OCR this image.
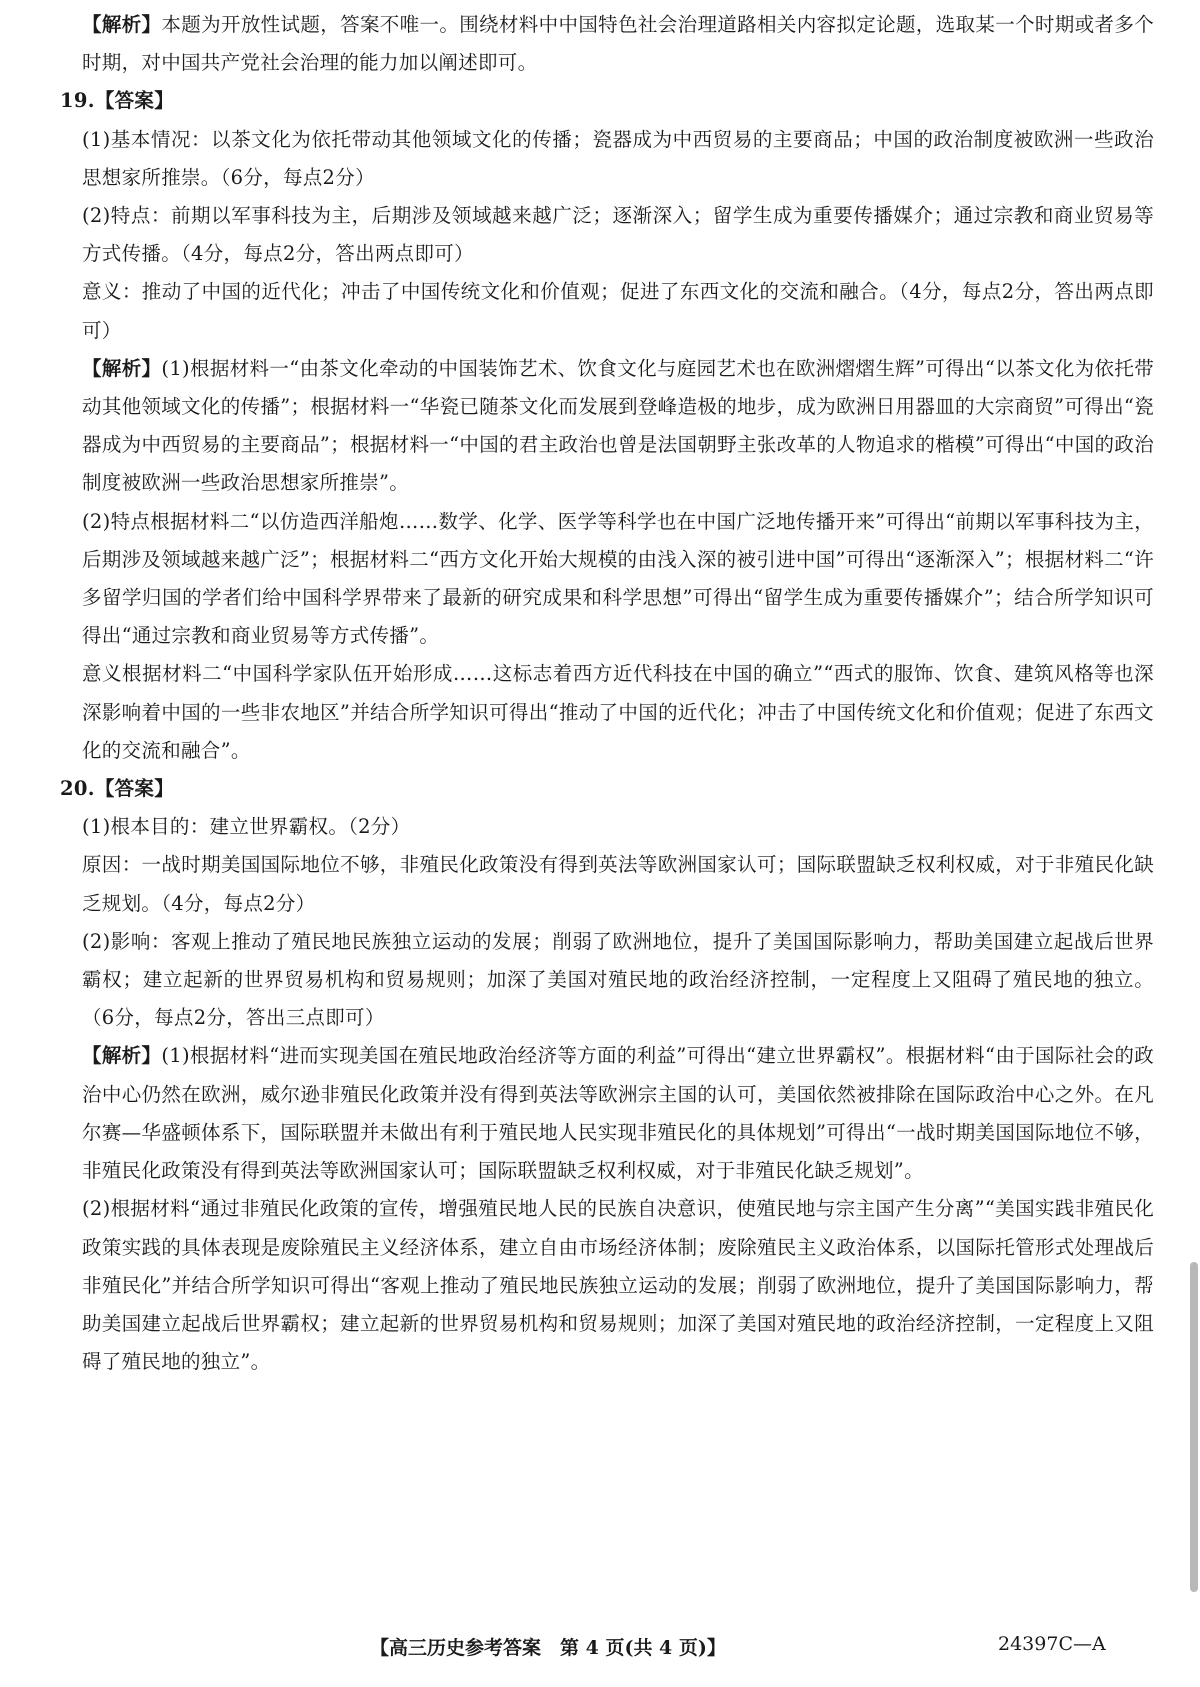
【解析】本题为开放性试题，答案不唯一。围绕材料中中国特色社会治理道路相关内容拟定论题，选取某一个时期或者多个时期，对中国共产党社会治理的能力加以阐述即可。

19.【答案】

(1)基本情况：以茶文化为依托带动其他领域文化的传播；瓷器成为中西贸易的主要商品；中国的政治制度被欧洲一些政治思想家所推崇。（6分，每点2分）

(2)特点：前期以军事科技为主，后期涉及领域越来越广泛；逐渐深入；留学生成为重要传播媒介；通过宗教和商业贸易等方式传播。（4分，每点2分，答出两点即可）

意义：推动了中国的近代化；冲击了中国传统文化和价值观；促进了东西文化的交流和融合。（4分，每点2分，答出两点即可）

【解析】(1)根据材料一“由茶文化牵动的中国装饰艺术、饮食文化与庭园艺术也在欧洲熠熠生辉”可得出“以茶文化为依托带动其他领域文化的传播”；根据材料一“华瓷已随茶文化而发展到登峰造极的地步，成为欧洲日用器皿的大宗商贸”可得出“瓷器成为中西贸易的主要商品”；根据材料一“中国的君主政治也曾是法国朝野主张改革的人物追求的楷模”可得出“中国的政治制度被欧洲一些政治思想家所推崇”。

(2)特点根据材料二“以仿造西洋船炮……数学、化学、医学等科学也在中国广泛地传播开来”可得出“前期以军事科技为主，后期涉及领域越来越广泛”；根据材料二“西方文化开始大规模的由浅入深的被引进中国”可得出“逐渐深入”；根据材料二“许多留学归国的学者们给中国科学界带来了最新的研究成果和科学思想”可得出“留学生成为重要传播媒介”；结合所学知识可得出“通过宗教和商业贸易等方式传播”。

意义根据材料二“中国科学家队伍开始形成……这标志着西方近代科技在中国的确立”“西式的服饰、饮食、建筑风格等也深深影响着中国的一些非农地区”并结合所学知识可得出“推动了中国的近代化；冲击了中国传统文化和价值观；促进了东西文化的交流和融合”。

20.【答案】

(1)根本目的：建立世界霸权。（2分）

原因：一战时期美国国际地位不够，非殖民化政策没有得到英法等欧洲国家认可；国际联盟缺乏权利权威，对于非殖民化缺乏规划。（4分，每点2分）

(2)影响：客观上推动了殖民地民族独立运动的发展；削弱了欧洲地位，提升了美国国际影响力，帮助美国建立起战后世界霸权；建立起新的世界贸易机构和贸易规则；加深了美国对殖民地的政治经济控制，一定程度上又阻碍了殖民地的独立。（6分，每点2分，答出三点即可）

【解析】(1)根据材料“进而实现美国在殖民地政治经济等方面的利益”可得出“建立世界霸权”。根据材料“由于国际社会的政治中心仍然在欧洲，威尔逊非殖民化政策并没有得到英法等欧洲宗主国的认可，美国依然被排除在国际政治中心之外。在凡尔赛—华盛顿体系下，国际联盟并未做出有利于殖民地人民实现非殖民化的具体规划”可得出“一战时期美国国际地位不够，非殖民化政策没有得到英法等欧洲国家认可；国际联盟缺乏权利权威，对于非殖民化缺乏规划”。

(2)根据材料“通过非殖民化政策的宣传，增强殖民地人民的民族自决意识，使殖民地与宗主国产生分离”“美国实践非殖民化政策实践的具体表现是废除殖民主义经济体系，建立自由市场经济体制；废除殖民主义政治体系，以国际托管形式处理战后非殖民化”并结合所学知识可得出“客观上推动了殖民地民族独立运动的发展；削弱了欧洲地位，提升了美国国际影响力，帮助美国建立起战后世界霸权；建立起新的世界贸易机构和贸易规则；加深了美国对殖民地的政治经济控制，一定程度上又阻碍了殖民地的独立”。

【高三历史参考答案　第 4 页(共 4 页)】	24397C—A
